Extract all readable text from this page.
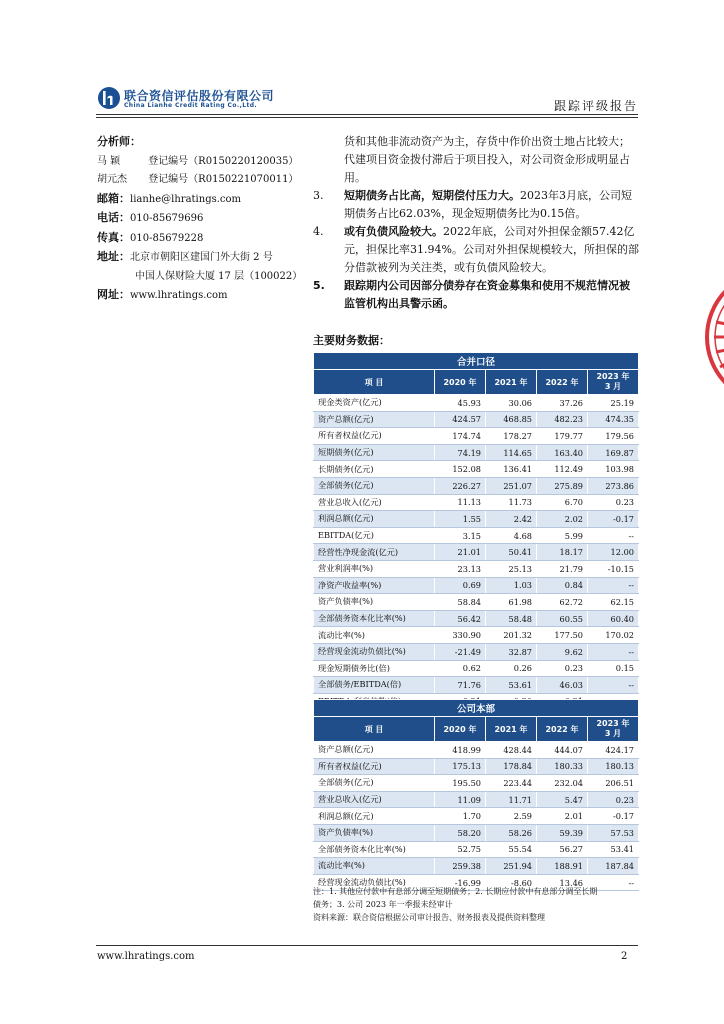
联合资信评估股份有限公司
China Lianhe Credit Rating Co.,Ltd.	跟踪评级报告
分析师：
马 颖	登记编号（R0150220120035）
胡元杰 登记编号（R0150221070011）
邮箱：lianhe@lhratings.com
电话：010-85679696
传真：010-85679228
地址：北京市朝阳区建国门外大街 2 号
中国人保财险大厦 17 层（100022）
网址：www.lhratings.com
货和其他非流动资产为主，存货中作价出资土地占比较大；代建项目资金拨付滞后于项目投入，对公司资金形成明显占用。
3.	短期债务占比高，短期偿付压力大。2023年3月底，公司短期债务占比62.03%，现金短期债务比为0.15倍。
4.	或有负债风险较大。2022年底，公司对外担保金额57.42亿元，担保比率31.94%。公司对外担保规模较大，所担保的部分借款被列为关注类，或有负债风险较大。
5.	跟踪期内公司因部分债券存在资金募集和使用不规范情况被监管机构出具警示函。
主要财务数据：
合并口径				
项 目	2020 年	2021 年	2022 年	2023 年
3 月
现金类资产(亿元)	45.93	30.06	37.26	25.19
资产总额(亿元)	424.57	468.85	482.23	474.35
所有者权益(亿元)	174.74	178.27	179.77	179.56
短期债务(亿元)	74.19	114.65	163.40	169.87
长期债务(亿元)	152.08	136.41	112.49	103.98
全部债务(亿元)	226.27	251.07	275.89	273.86
营业总收入(亿元)	11.13	11.73	6.70	0.23
利润总额(亿元)	1.55	2.42	2.02	-0.17
EBITDA(亿元)	3.15	4.68	5.99	--
经营性净现金流(亿元)	21.01	50.41	18.17	12.00
营业利润率(%)	23.13	25.13	21.79	-10.15
净资产收益率(%)	0.69	1.03	0.84	--
资产负债率(%)	58.84	61.98	62.72	62.15
全部债务资本化比率(%)	56.42	58.48	60.55	60.40
流动比率(%)	330.90	201.32	177.50	170.02
经营现金流动负债比(%)	-21.49	32.87	9.62	--
现金短期债务比(倍)	0.62	0.26	0.23	0.15
全部债务/EBITDA(倍)	71.76	53.61	46.03	--

公司本部				
项 目	2020 年	2021 年	2022 年	2023 年
3 月
资产总额(亿元)	418.99	428.44	444.07	424.17
所有者权益(亿元)	175.13	178.84	180.33	180.13
全部债务(亿元)	195.50	223.44	232.04	206.51
营业总收入(亿元)	11.09	11.71	5.47	0.23
利润总额(亿元)	1.70	2.59	2.01	-0.17
资产负债率(%)	58.20	58.26	59.39	57.53
全部债务资本化比率(%)	52.75	55.54	56.27	53.41
流动比率(%)	259.38	251.94	188.91	187.84
经营现金流动负债比(%)	-16.99	-8.60	13.46	--
注：1. 其他应付款中有息部分调至短期债务；2. 长期应付款中有息部分调至长期
债务；3. 公司 2023 年一季报未经审计
资料来源：联合资信根据公司审计报告、财务报表及提供资料整理
www.lhratings.com	2
